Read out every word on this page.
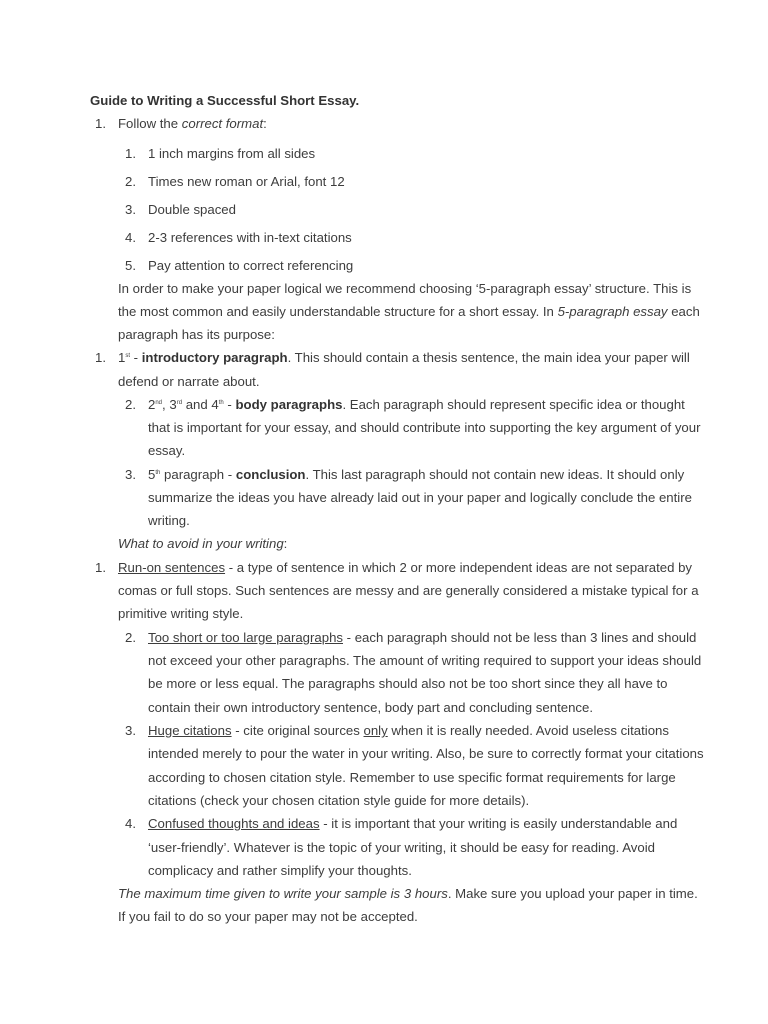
Guide to Writing a Successful Short Essay.
1. Follow the correct format:
1. 1 inch margins from all sides
2. Times new roman or Arial, font 12
3. Double spaced
4. 2-3 references with in-text citations
5. Pay attention to correct referencing
In order to make your paper logical we recommend choosing ‘5-paragraph essay’ structure. This is
the most common and easily understandable structure for a short essay. In 5-paragraph essay each
paragraph has its purpose:
1. 1st - introductory paragraph. This should contain a thesis sentence, the main idea your paper will
defend or narrate about.
2. 2nd, 3rd and 4th - body paragraphs. Each paragraph should represent specific idea or thought
that is important for your essay, and should contribute into supporting the key argument of your
essay.
3. 5th paragraph - conclusion. This last paragraph should not contain new ideas. It should only
summarize the ideas you have already laid out in your paper and logically conclude the entire
writing.
What to avoid in your writing:
1. Run-on sentences - a type of sentence in which 2 or more independent ideas are not separated by
comas or full stops. Such sentences are messy and are generally considered a mistake typical for a
primitive writing style.
2. Too short or too large paragraphs - each paragraph should not be less than 3 lines and should
not exceed your other paragraphs. The amount of writing required to support your ideas should
be more or less equal. The paragraphs should also not be too short since they all have to
contain their own introductory sentence, body part and concluding sentence.
3. Huge citations - cite original sources only when it is really needed. Avoid useless citations
intended merely to pour the water in your writing. Also, be sure to correctly format your citations
according to chosen citation style. Remember to use specific format requirements for large
citations (check your chosen citation style guide for more details).
4. Confused thoughts and ideas - it is important that your writing is easily understandable and
‘user-friendly’. Whatever is the topic of your writing, it should be easy for reading. Avoid
complicacy and rather simplify your thoughts.
The maximum time given to write your sample is 3 hours. Make sure you upload your paper in time.
If you fail to do so your paper may not be accepted.
